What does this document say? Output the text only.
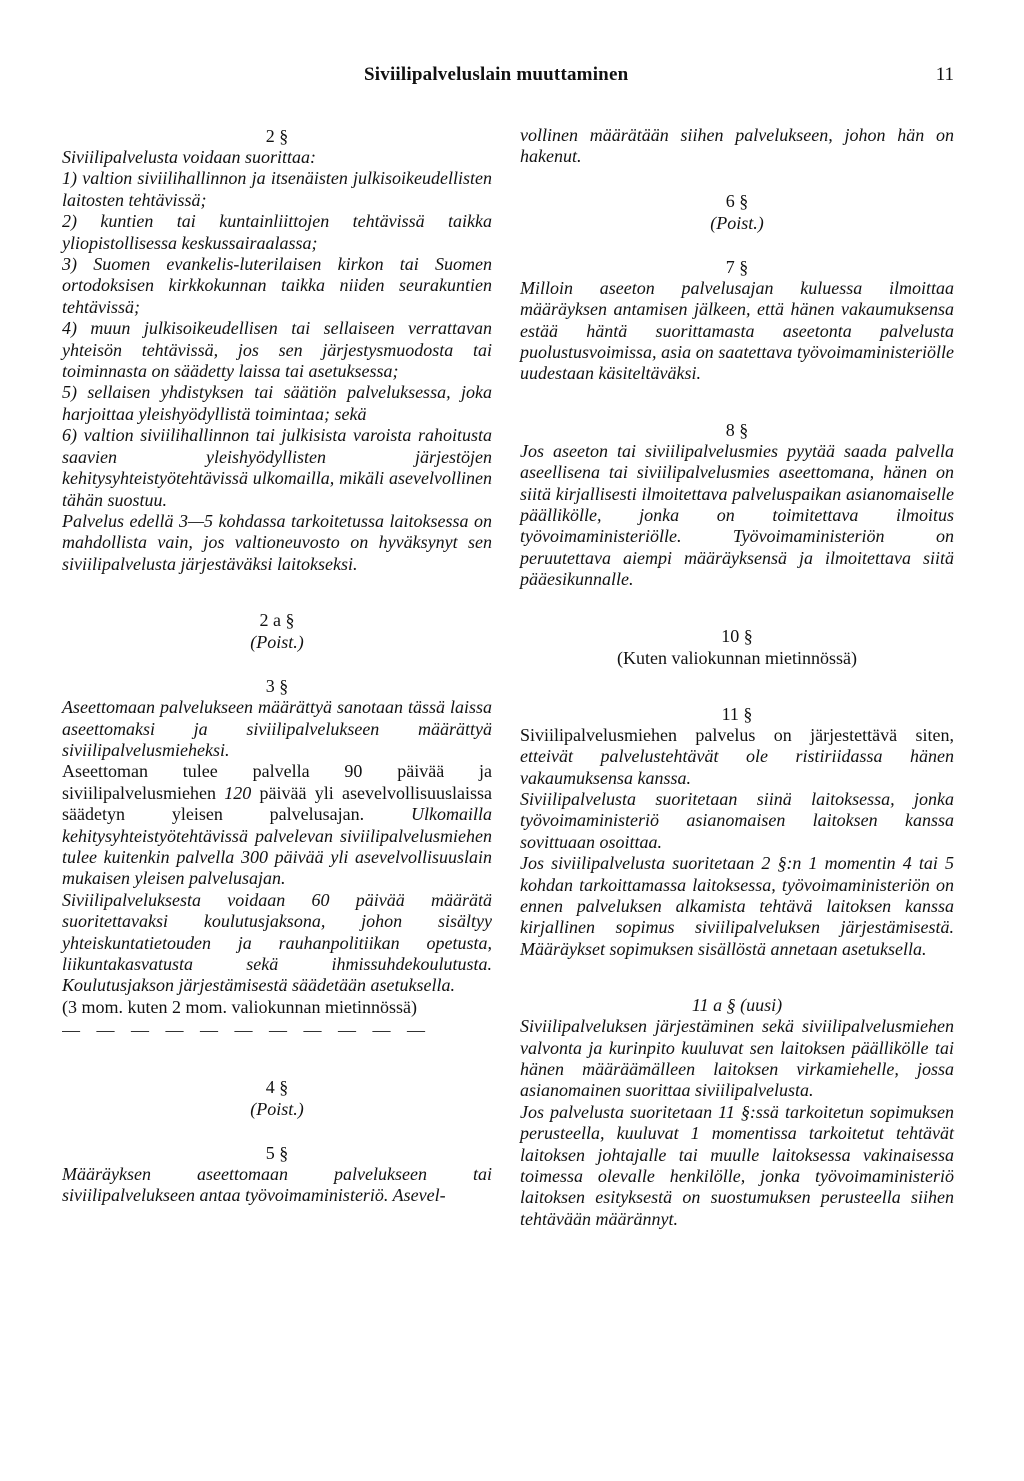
Siviilipalveluslain muuttaminen	11

2 §

Siviilipalvelusta voidaan suorittaa:

1) valtion siviilihallinnon ja itsenäisten julkisoikeudellisten laitosten tehtävissä;

2) kuntien tai kuntainliittojen tehtävissä taikka yliopistollisessa keskussairaalassa;

3) Suomen evankelis-luterilaisen kirkon tai Suomen ortodoksisen kirkkokunnan taikka niiden seurakuntien tehtävissä;

4) muun julkisoikeudellisen tai sellaiseen verrattavan yhteisön tehtävissä, jos sen järjestysmuodosta tai toiminnasta on säädetty laissa tai asetuksessa;

5) sellaisen yhdistyksen tai säätiön palveluksessa, joka harjoittaa yleishyödyllistä toimintaa; sekä

6) valtion siviilihallinnon tai julkisista varoista rahoitusta saavien yleishyödyllisten järjestöjen kehitysyhteistyötehtävissä ulkomailla, mikäli asevelvollinen tähän suostuu.

Palvelus edellä 3—5 kohdassa tarkoitetussa laitoksessa on mahdollista vain, jos valtioneuvosto on hyväksynyt sen siviilipalvelusta järjestäväksi laitokseksi.

2 a §

(Poist.)

3 §

Aseettomaan palvelukseen määrättyä sanotaan tässä laissa aseettomaksi ja siviilipalvelukseen määrättyä siviilipalvelusmieheksi.

Aseettoman tulee palvella 90 päivää ja siviilipalvelusmiehen 120 päivää yli asevelvollisuuslaissa säädetyn yleisen palvelusajan. Ulkomailla kehitysyhteistyötehtävissä palvelevan siviilipalvelusmiehen tulee kuitenkin palvella 300 päivää yli asevelvollisuuslain mukaisen yleisen palvelusajan.

Siviilipalveluksesta voidaan 60 päivää määrätä suoritettavaksi koulutusjaksona, johon sisältyy yhteiskuntatietouden ja rauhanpolitiikan opetusta, liikuntakasvatusta sekä ihmissuhdekoulutusta. Koulutusjakson järjestämisestä säädetään asetuksella.

(3 mom. kuten 2 mom. valiokunnan mietinnössä)

— — — — — — — — — — —

4 §

(Poist.)

5 §

Määräyksen aseettomaan palvelukseen tai siviilipalvelukseen antaa työvoimaministeriö. Asevel-

vollinen määrätään siihen palvelukseen, johon hän on hakenut.

6 §

(Poist.)

7 §

Milloin aseeton palvelusajan kuluessa ilmoittaa määräyksen antamisen jälkeen, että hänen vakaumuksensa estää häntä suorittamasta aseetonta palvelusta puolustusvoimissa, asia on saatettava työvoimaministeriölle uudestaan käsiteltäväksi.

8 §

Jos aseeton tai siviilipalvelusmies pyytää saada palvella aseellisena tai siviilipalvelusmies aseettomana, hänen on siitä kirjallisesti ilmoitettava palveluspaikan asianomaiselle päällikölle, jonka on toimitettava ilmoitus työvoimaministeriölle. Työvoimaministeriön on peruutettava aiempi määräyksensä ja ilmoitettava siitä pääesikunnalle.

10 §

(Kuten valiokunnan mietinnössä)

11 §

Siviilipalvelusmiehen palvelus on järjestettävä siten, etteivät palvelustehtävät ole ristiriidassa hänen vakaumuksensa kanssa.

Siviilipalvelusta suoritetaan siinä laitoksessa, jonka työvoimaministeriö asianomaisen laitoksen kanssa sovittuaan osoittaa.

Jos siviilipalvelusta suoritetaan 2 §:n 1 momentin 4 tai 5 kohdan tarkoittamassa laitoksessa, työvoimaministeriön on ennen palveluksen alkamista tehtävä laitoksen kanssa kirjallinen sopimus siviilipalveluksen järjestämisestä. Määräykset sopimuksen sisällöstä annetaan asetuksella.

11 a § (uusi)

Siviilipalveluksen järjestäminen sekä siviilipalvelusmiehen valvonta ja kurinpito kuuluvat sen laitoksen päällikölle tai hänen määräämälleen laitoksen virkamiehelle, jossa asianomainen suorittaa siviilipalvelusta.

Jos palvelusta suoritetaan 11 §:ssä tarkoitetun sopimuksen perusteella, kuuluvat 1 momentissa tarkoitetut tehtävät laitoksen johtajalle tai muulle laitoksessa vakinaisessa toimessa olevalle henkilölle, jonka työvoimaministeriö laitoksen esityksestä on suostumuksen perusteella siihen tehtävään määrännyt.
